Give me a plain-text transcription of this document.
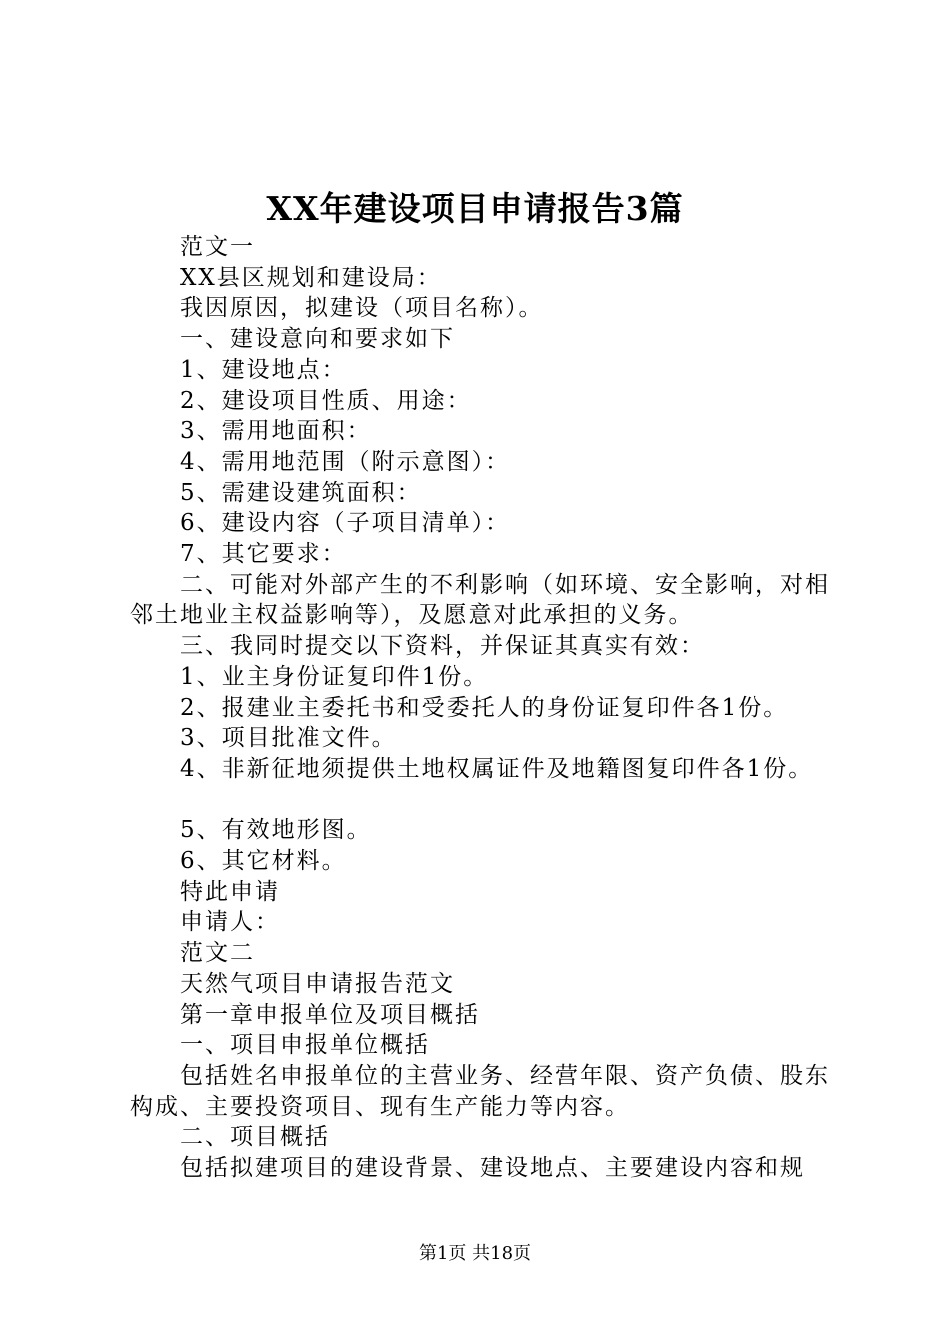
XX年建设项目申请报告3篇

范文一

XX县区规划和建设局：

我因原因，拟建设（项目名称）。

一、建设意向和要求如下

1、建设地点：

2、建设项目性质、用途：

3、需用地面积：

4、需用地范围（附示意图）：

5、需建设建筑面积：

6、建设内容（子项目清单）：

7、其它要求：

二、可能对外部产生的不利影响（如环境、安全影响，对相邻土地业主权益影响等），及愿意对此承担的义务。

三、我同时提交以下资料，并保证其真实有效：

1、业主身份证复印件1份。

2、报建业主委托书和受委托人的身份证复印件各1份。

3、项目批准文件。

4、非新征地须提供土地权属证件及地籍图复印件各1份。

5、有效地形图。

6、其它材料。

特此申请

申请人：

范文二

天然气项目申请报告范文

第一章申报单位及项目概括

一、项目申报单位概括

包括姓名申报单位的主营业务、经营年限、资产负债、股东构成、主要投资项目、现有生产能力等内容。

二、项目概括

包括拟建项目的建设背景、建设地点、主要建设内容和规

第1页 共18页
